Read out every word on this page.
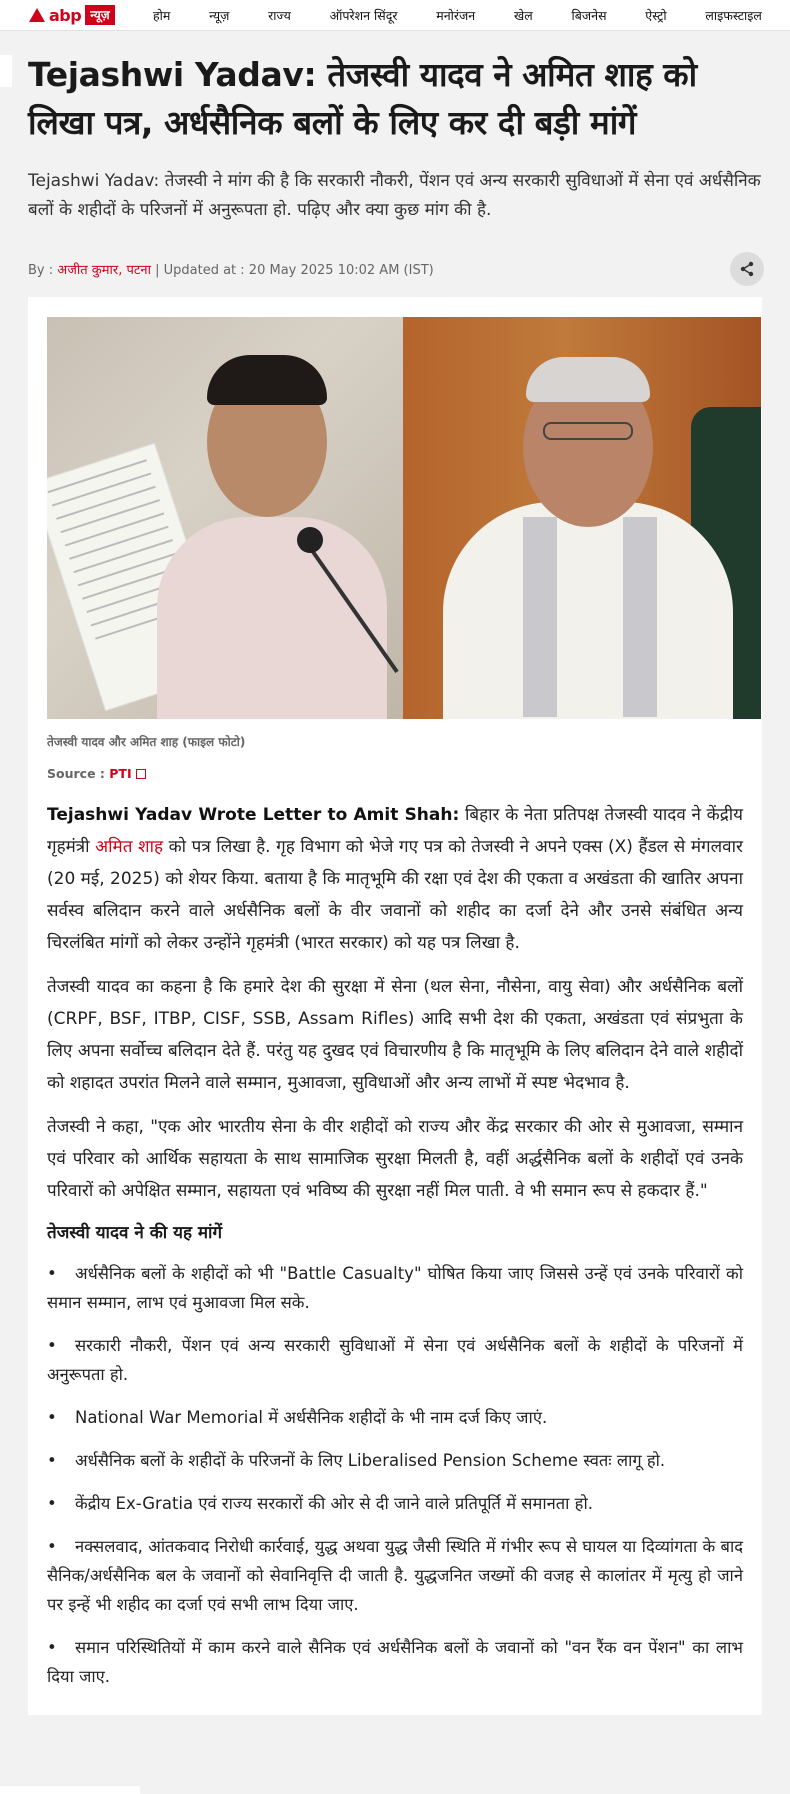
abp न्यूज़	होम	न्यूज़	राज्य	ऑपरेशन सिंदूर	मनोरंजन	खेल	बिजनेस	ऐस्ट्रो	लाइफस्टाइल
Tejashwi Yadav: तेजस्वी यादव ने अमित शाह को लिखा पत्र, अर्धसैनिक बलों के लिए कर दी बड़ी मांगें

Tejashwi Yadav: तेजस्वी ने मांग की है कि सरकारी नौकरी, पेंशन एवं अन्य सरकारी सुविधाओं में सेना एवं अर्धसैनिक बलों के शहीदों के परिजनों में अनुरूपता हो. पढ़िए और क्या कुछ मांग की है.

By : अजीत कुमार, पटना | Updated at : 20 May 2025 10:02 AM (IST)

तेजस्वी यादव और अमित शाह (फाइल फोटो)

Source : PTI

Tejashwi Yadav Wrote Letter to Amit Shah: बिहार के नेता प्रतिपक्ष तेजस्वी यादव ने केंद्रीय गृहमंत्री अमित शाह को पत्र लिखा है. गृह विभाग को भेजे गए पत्र को तेजस्वी ने अपने एक्स (X) हैंडल से मंगलवार (20 मई, 2025) को शेयर किया. बताया है कि मातृभूमि की रक्षा एवं देश की एकता व अखंडता की खातिर अपना सर्वस्व बलिदान करने वाले अर्धसैनिक बलों के वीर जवानों को शहीद का दर्जा देने और उनसे संबंधित अन्य चिरलंबित मांगों को लेकर उन्होंने गृहमंत्री (भारत सरकार) को यह पत्र लिखा है.

तेजस्वी यादव का कहना है कि हमारे देश की सुरक्षा में सेना (थल सेना, नौसेना, वायु सेवा) और अर्धसैनिक बलों (CRPF, BSF, ITBP, CISF, SSB, Assam Rifles) आदि सभी देश की एकता, अखंडता एवं संप्रभुता के लिए अपना सर्वोच्च बलिदान देते हैं. परंतु यह दुखद एवं विचारणीय है कि मातृभूमि के लिए बलिदान देने वाले शहीदों को शहादत उपरांत मिलने वाले सम्मान, मुआवजा, सुविधाओं और अन्य लाभों में स्पष्ट भेदभाव है.

तेजस्वी ने कहा, "एक ओर भारतीय सेना के वीर शहीदों को राज्य और केंद्र सरकार की ओर से मुआवजा, सम्मान एवं परिवार को आर्थिक सहायता के साथ सामाजिक सुरक्षा मिलती है, वहीं अर्द्धसैनिक बलों के शहीदों एवं उनके परिवारों को अपेक्षित सम्मान, सहायता एवं भविष्य की सुरक्षा नहीं मिल पाती. वे भी समान रूप से हकदार हैं."

तेजस्वी यादव ने की यह मांगें
• अर्धसैनिक बलों के शहीदों को भी "Battle Casualty" घोषित किया जाए जिससे उन्हें एवं उनके परिवारों को समान सम्मान, लाभ एवं मुआवजा मिल सके.
• सरकारी नौकरी, पेंशन एवं अन्य सरकारी सुविधाओं में सेना एवं अर्धसैनिक बलों के शहीदों के परिजनों में अनुरूपता हो.
• National War Memorial में अर्धसैनिक शहीदों के भी नाम दर्ज किए जाएं.
• अर्धसैनिक बलों के शहीदों के परिजनों के लिए Liberalised Pension Scheme स्वतः लागू हो.
• केंद्रीय Ex-Gratia एवं राज्य सरकारों की ओर से दी जाने वाले प्रतिपूर्ति में समानता हो.
• नक्सलवाद, आंतकवाद निरोधी कार्रवाई, युद्ध अथवा युद्ध जैसी स्थिति में गंभीर रूप से घायल या दिव्यांगता के बाद सैनिक/अर्धसैनिक बल के जवानों को सेवानिवृत्ति दी जाती है. युद्धजनित जख्मों की वजह से कालांतर में मृत्यु हो जाने पर इन्हें भी शहीद का दर्जा एवं सभी लाभ दिया जाए.
• समान परिस्थितियों में काम करने वाले सैनिक एवं अर्धसैनिक बलों के जवानों को "वन रैंक वन पेंशन" का लाभ दिया जाए.
